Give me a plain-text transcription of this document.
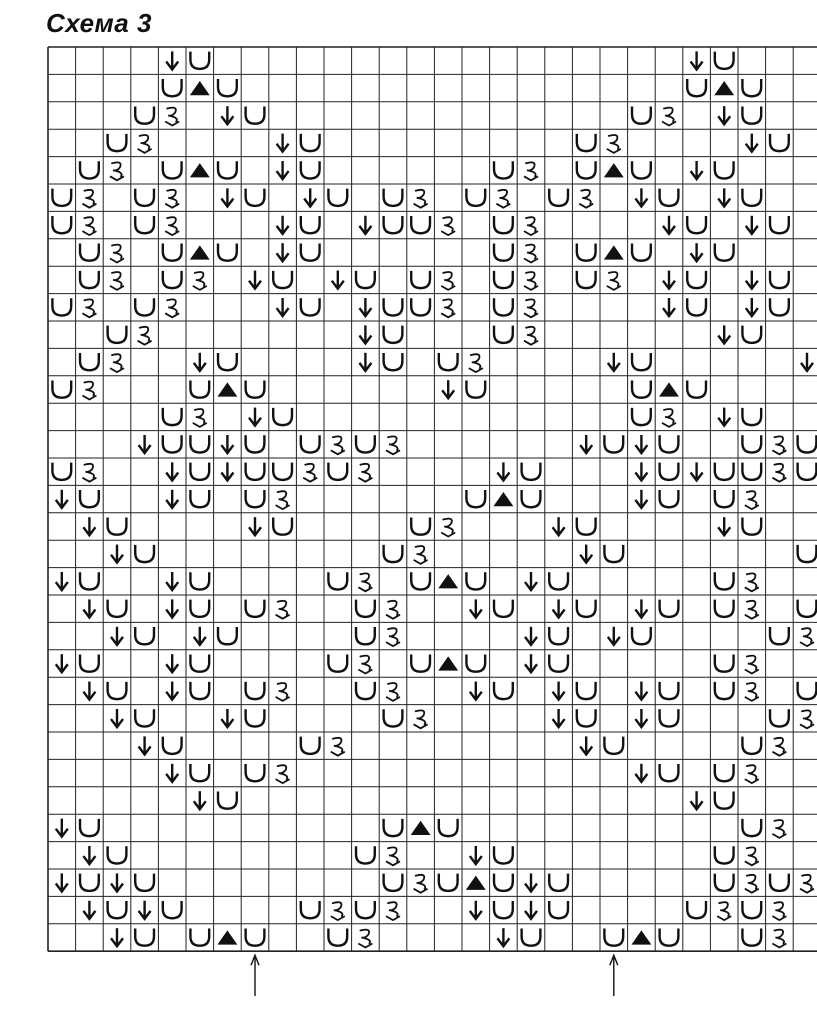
Схема 3
